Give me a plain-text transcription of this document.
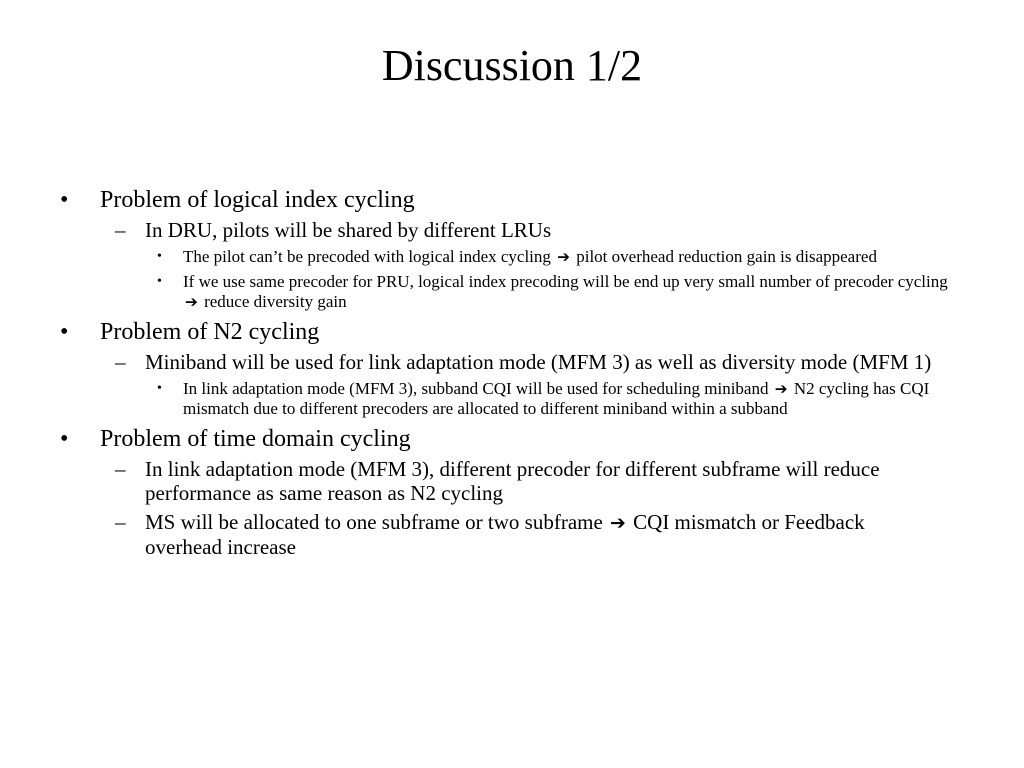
Discussion 1/2
• Problem of logical index cycling
– In DRU, pilots will be shared by different LRUs
• The pilot can’t be precoded with logical index cycling ➔ pilot overhead reduction gain is disappeared
• If we use same precoder for PRU, logical index precoding will be end up very small number of precoder cycling ➔ reduce diversity gain
• Problem of N2 cycling
– Miniband will be used for link adaptation mode (MFM 3) as well as diversity mode (MFM 1)
• In link adaptation mode (MFM 3), subband CQI will be used for scheduling miniband ➔ N2 cycling has CQI mismatch due to different precoders are allocated to different miniband within a subband
• Problem of time domain cycling
– In link adaptation mode (MFM 3), different precoder for different subframe will reduce performance as same reason as N2 cycling
– MS will be allocated to one subframe or two subframe ➔ CQI mismatch or Feedback overhead increase
